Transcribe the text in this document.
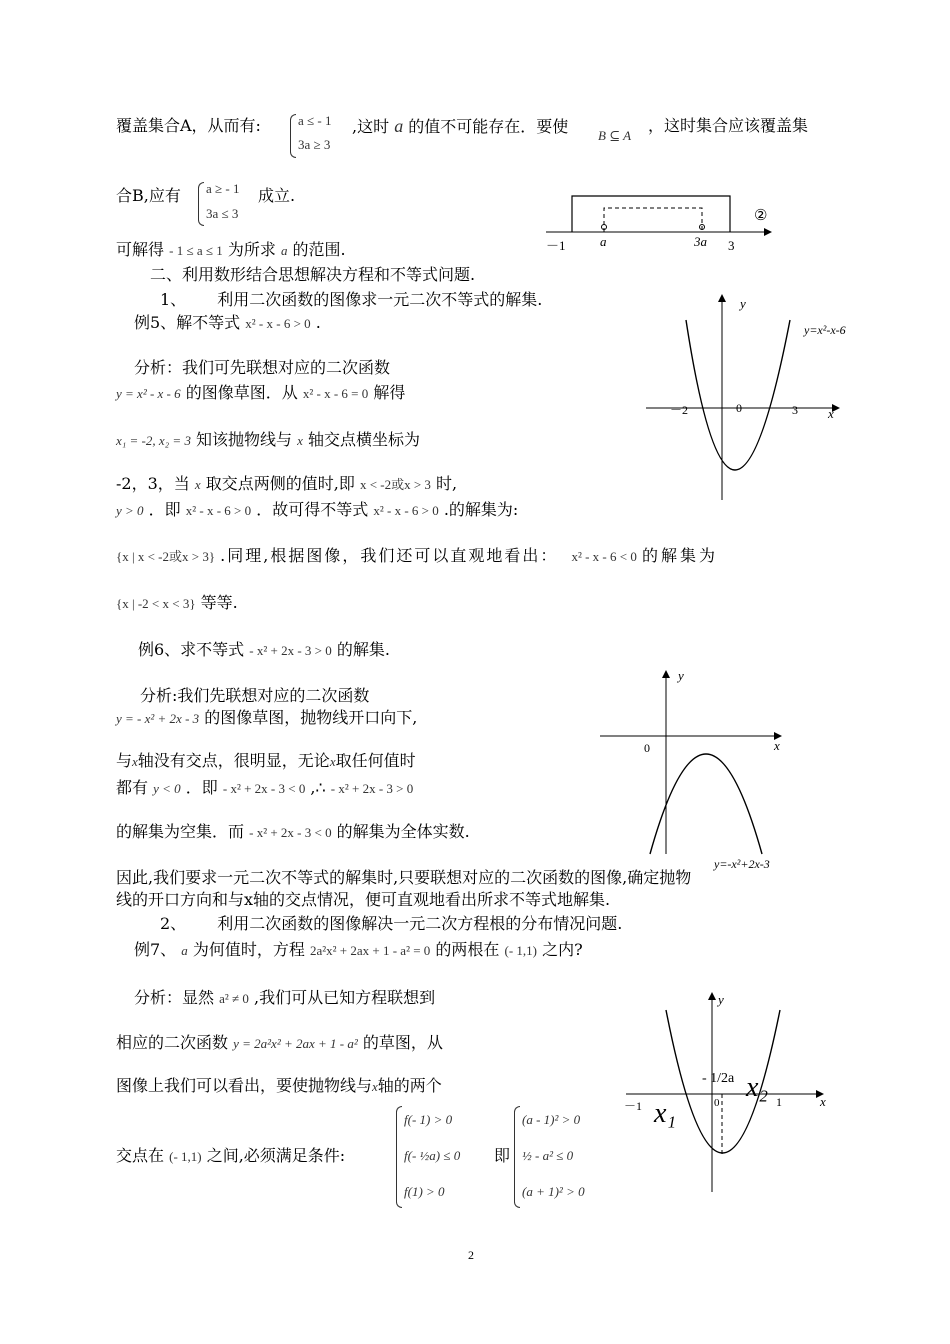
覆盖集合A，从而有:	a ≤ - 1
3a ≥ 3
,这时 a 的值不可能存在．要使 B ⊆ A
，这时集合应该覆盖集
合B,应有 a ≥ - 1
3a ≤ 3
成立.
－1	a	3a 3
②
可解得 - 1 ≤ a ≤ 1 为所求 a 的范围.
二、利用数形结合思想解决方程和不等式问题.
1、 利用二次函数的图像求一元二次不等式的解集.
例5、解不等式 x² - x - 6 > 0 .
分析：我们可先联想对应的二次函数
y = x² - x - 6 的图像草图．从 x² - x - 6 = 0 解得
x₁ = -2, x₂ = 3 知该抛物线与 x 轴交点横坐标为
-2，3，当 x 取交点两侧的值时,即 x < -2或x > 3 时,
y > 0 ．即 x² - x - 6 > 0 ．故可得不等式 x² - x - 6 > 0 .的解集为:
{x | x < -2或x > 3} .同理,根据图像，我们还可以直观地看出： x² - x - 6 < 0 的解集为
{x | -2 < x < 3} 等等.
y
x
0
－2	3
y=x²-x-6
例6、求不等式 - x² + 2x - 3 > 0 的解集.
分析:我们先联想对应的二次函数
y = - x² + 2x - 3 的图像草图，抛物线开口向下,
与x轴没有交点，很明显，无论x取任何值时
都有 y < 0 ．即 - x² + 2x - 3 < 0 ,∴ - x² + 2x - 3 > 0
的解集为空集．而 - x² + 2x - 3 < 0 的解集为全体实数.
y
x
0
y=-x²+2x-3
因此,我们要求一元二次不等式的解集时,只要联想对应的二次函数的图像,确定抛物
线的开口方向和与x轴的交点情况，便可直观地看出所求不等式地解集.
2、 利用二次函数的图像解决一元二次方程根的分布情况问题.
例7、 a 为何值时，方程 2a²x² + 2ax + 1 - a² = 0 的两根在 (- 1,1) 之内?
分析：显然 a² ≠ 0 ,我们可从已知方程联想到
相应的二次函数 y = 2a²x² + 2ax + 1 - a² 的草图，从
图像上我们可以看出，要使抛物线与x轴的两个
交点在 (- 1,1) 之间,必须满足条件:
f(- 1) > 0
f(- ½a) ≤ 0
f(1) > 0
即
(a - 1)² > 0
½ - a² ≤ 0
(a + 1)² > 0
y
x
0
－1	1
- 1/2a
x₁
x₂
2
